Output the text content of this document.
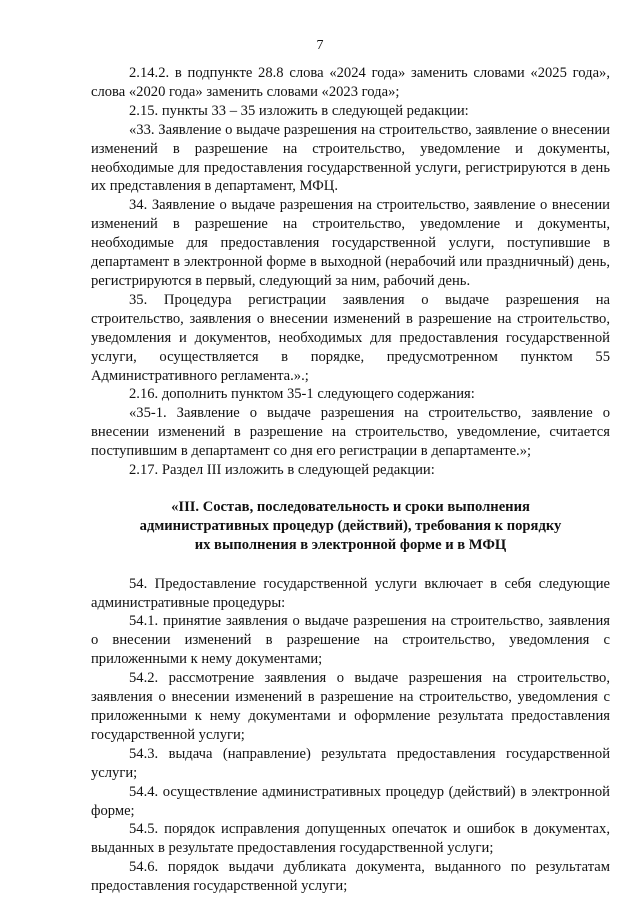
7

2.14.2. в подпункте 28.8 слова «2024 года» заменить словами «2025 года», слова «2020 года» заменить словами «2023 года»;

2.15. пункты 33 – 35 изложить в следующей редакции:

«33. Заявление о выдаче разрешения на строительство, заявление о внесении изменений в разрешение на строительство, уведомление и документы, необходимые для предоставления государственной услуги, регистрируются в день их представления в департамент, МФЦ.

34. Заявление о выдаче разрешения на строительство, заявление о внесении изменений в разрешение на строительство, уведомление и документы, необходимые для предоставления государственной услуги, поступившие в департамент в электронной форме в выходной (нерабочий или праздничный) день, регистрируются в первый, следующий за ним, рабочий день.

35. Процедура регистрации заявления о выдаче разрешения на строительство, заявления о внесении изменений в разрешение на строительство, уведомления и документов, необходимых для предоставления государственной услуги, осуществляется в порядке, предусмотренном пунктом 55 Административного регламента.».;

2.16. дополнить пунктом 35-1 следующего содержания:

«35-1. Заявление о выдаче разрешения на строительство, заявление о внесении изменений в разрешение на строительство, уведомление, считается поступившим в департамент со дня его регистрации в департаменте.»;

2.17. Раздел III изложить в следующей редакции:

«III. Состав, последовательность и сроки выполнения
административных процедур (действий), требования к порядку
их выполнения в электронной форме и в МФЦ

54. Предоставление государственной услуги включает в себя следующие административные процедуры:

54.1. принятие заявления о выдаче разрешения на строительство, заявления о внесении изменений в разрешение на строительство, уведомления с приложенными к нему документами;

54.2. рассмотрение заявления о выдаче разрешения на строительство, заявления о внесении изменений в разрешение на строительство, уведомления с приложенными к нему документами и оформление результата предоставления государственной услуги;

54.3. выдача (направление) результата предоставления государственной услуги;

54.4. осуществление административных процедур (действий) в электронной форме;

54.5. порядок исправления допущенных опечаток и ошибок в документах, выданных в результате предоставления государственной услуги;

54.6. порядок выдачи дубликата документа, выданного по результатам предоставления государственной услуги;
